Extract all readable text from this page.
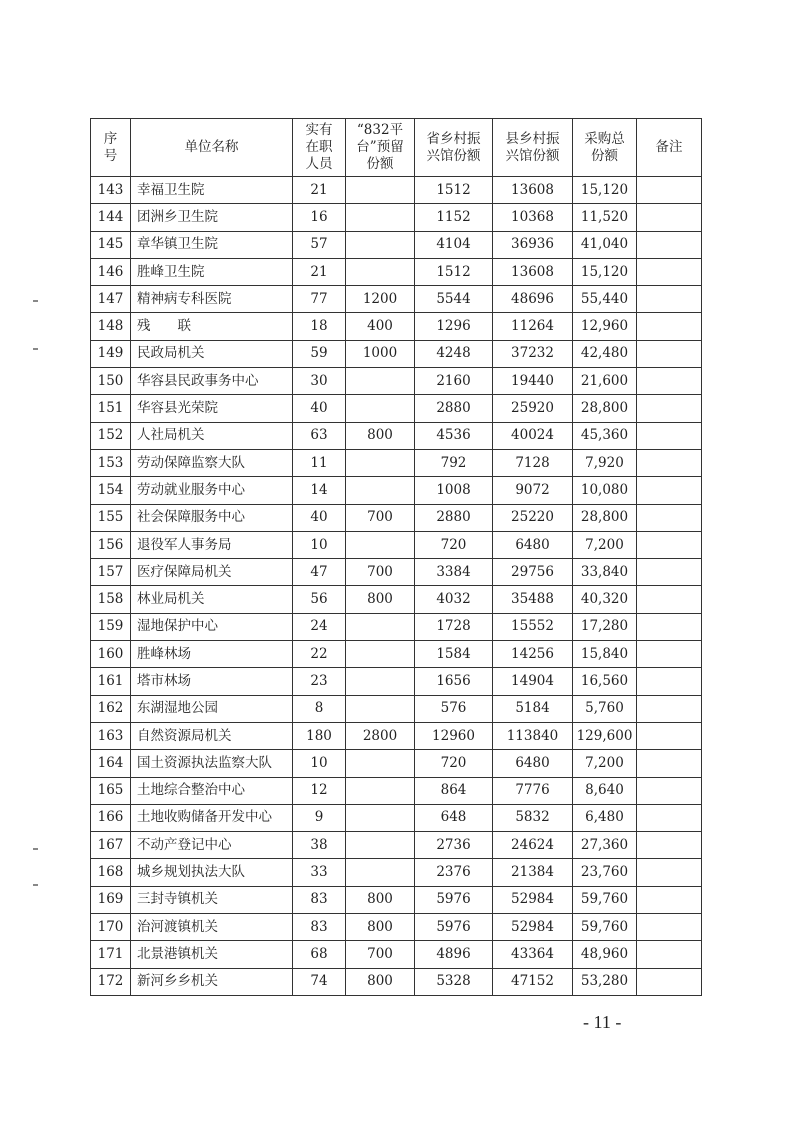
序号	单位名称	实有在职人员	“832平台”预留份额	省乡村振兴馆份额	县乡村振兴馆份额	采购总份额	备注
143	幸福卫生院	21		1512	13608	15,120	
144	团洲乡卫生院	16		1152	10368	11,520	
145	章华镇卫生院	57		4104	36936	41,040	
146	胜峰卫生院	21		1512	13608	15,120	
147	精神病专科医院	77	1200	5544	48696	55,440	
148	残　　联	18	400	1296	11264	12,960	
149	民政局机关	59	1000	4248	37232	42,480	
150	华容县民政事务中心	30		2160	19440	21,600	
151	华容县光荣院	40		2880	25920	28,800	
152	人社局机关	63	800	4536	40024	45,360	
153	劳动保障监察大队	11		792	7128	7,920	
154	劳动就业服务中心	14		1008	9072	10,080	
155	社会保障服务中心	40	700	2880	25220	28,800	
156	退役军人事务局	10		720	6480	7,200	
157	医疗保障局机关	47	700	3384	29756	33,840	
158	林业局机关	56	800	4032	35488	40,320	
159	湿地保护中心	24		1728	15552	17,280	
160	胜峰林场	22		1584	14256	15,840	
161	塔市林场	23		1656	14904	16,560	
162	东湖湿地公园	8		576	5184	5,760	
163	自然资源局机关	180	2800	12960	113840	129,600	
164	国土资源执法监察大队	10		720	6480	7,200	
165	土地综合整治中心	12		864	7776	8,640	
166	土地收购储备开发中心	9		648	5832	6,480	
167	不动产登记中心	38		2736	24624	27,360	
168	城乡规划执法大队	33		2376	21384	23,760	
169	三封寺镇机关	83	800	5976	52984	59,760	
170	治河渡镇机关	83	800	5976	52984	59,760	
171	北景港镇机关	68	700	4896	43364	48,960	
172	新河乡乡机关	74	800	5328	47152	53,280	
- 11 -
